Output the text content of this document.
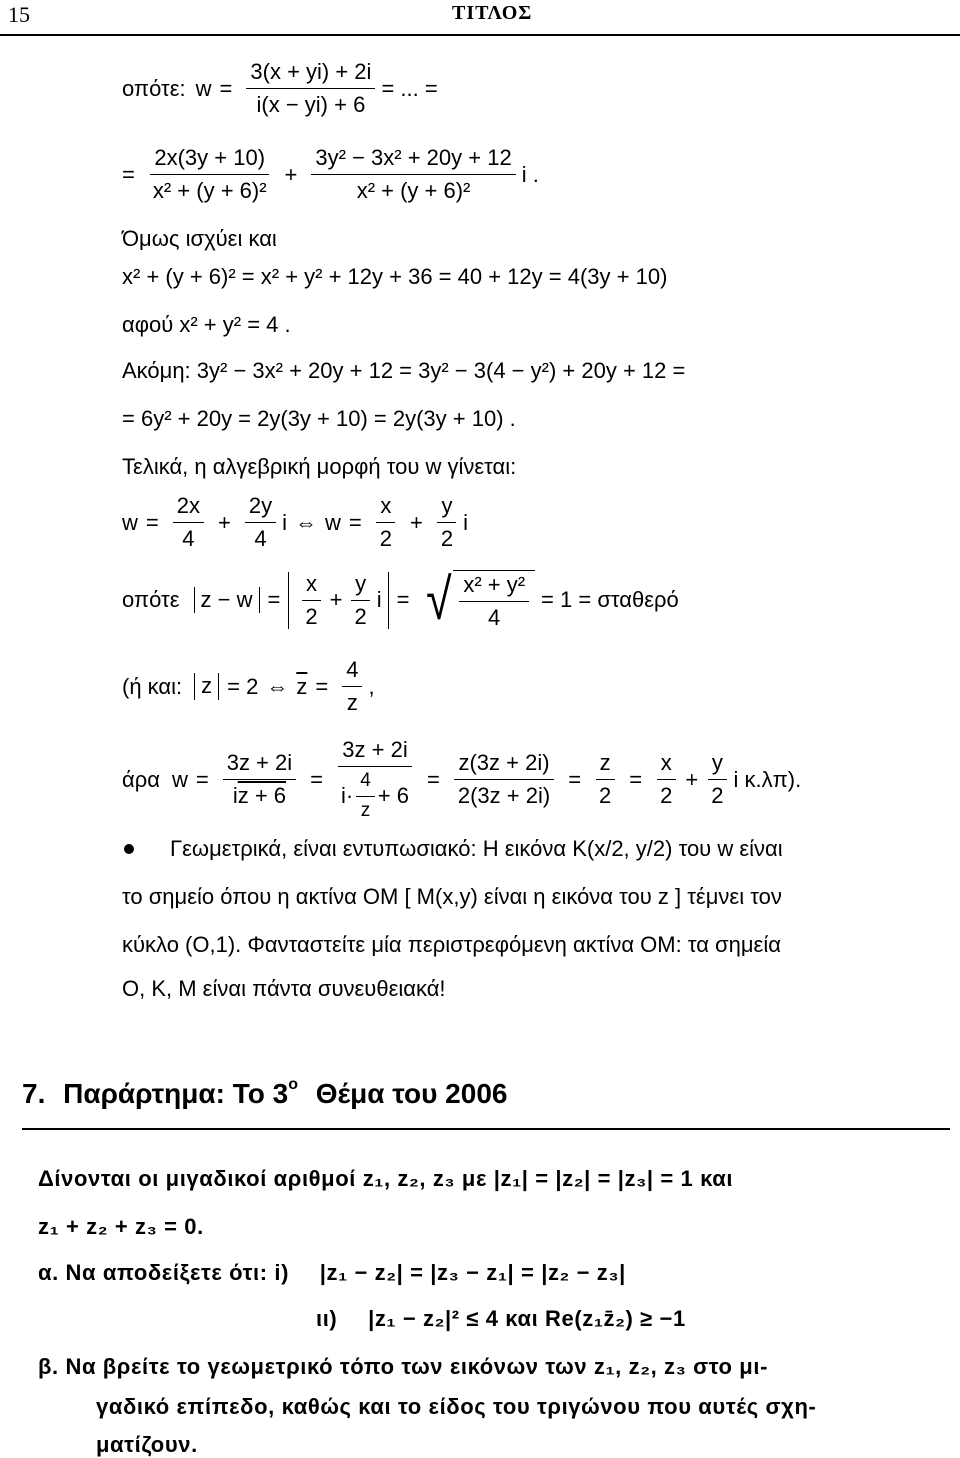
15	ΤΙΤΛΟΣ
οπότε: $w = \frac{3(x + yi) + 2i}{i(x - yi) + 6}$ = ... =
= $\frac{2x(3y + 10)}{\text{x² + (y + 6)²}} + \frac{\text{3y² − 3x² + 20y + 12}}{\text{x² + (y + 6)²}}$ i .
Όμως ισχύει και
x² + (y + 6)² = x² + y² + 12y + 36 = 40 + 12y = 4(3y + 10)
αφού x² + y² = 4 .
Ακόμη: 3y² − 3x² + 20y + 12 = 3y² − 3(4 − y²) + 20y + 12 =
= 6y² + 20y = 2y(3y + 10) = 2y(3y + 10) .
Τελικά, η αλγεβρική μορφή του w γίνεται:
$w = \frac{2x}{4} + \frac{2y}{4}$ i ⇔ $w = \frac{x}{2} + \frac{y}{2}$ i
οπότε $z - w = \frac{x}{2} + \frac{y}{2}$ i = √ $\frac{\text{x² + y²}}{4} = 1 = \sigma\tau\alpha\theta\varepsilon\rho ό$
(ή και: z = 2 ⇔ $\overline{z} = \frac{4}{z}$ ,
άρα $w = \frac{3z + 2i}{iz + 6} = \frac{3z + 2i}{i\cdot \frac{4}{z} + 6} = \frac{z(3z + 2i)}{2(3z + 2i)} = \frac{z}{2} = \frac{x}{2} + \frac{y}{2}$ i κ.λπ).
Γεωμετρικά, είναι εντυπωσιακό: Η εικόνα K(x/2, y/2) του w είναι
το σημείο όπου η ακτίνα ΟΜ [ M(x,y) είναι η εικόνα του z ] τέμνει τον
κύκλο (O,1). Φανταστείτε μία περιστρεφόμενη ακτίνα ΟΜ: τα σημεία
O, K, M είναι πάντα συνευθειακά!
7. Παράρτημα: Το $3^o$ Θέμα του 2006
Δίνονται οι μιγαδικοί αριθμοί z₁, z₂, z₃ με |z₁| = |z₂| = |z₃| = 1 και
z₁ + z₂ + z₃ = 0.
α. Να αποδείξετε ότι: i) |z₁ − z₂| = |z₃ − z₁| = |z₂ − z₃|
ιι) |z₁ − z₂|² ≤ 4 και Re(z₁z̄₂) ≥ −1
β. Να βρείτε το γεωμετρικό τόπο των εικόνων των z₁, z₂, z₃ στο μι-
γαδικό επίπεδο, καθώς και το είδος του τριγώνου που αυτές σχη-
ματίζουν.
